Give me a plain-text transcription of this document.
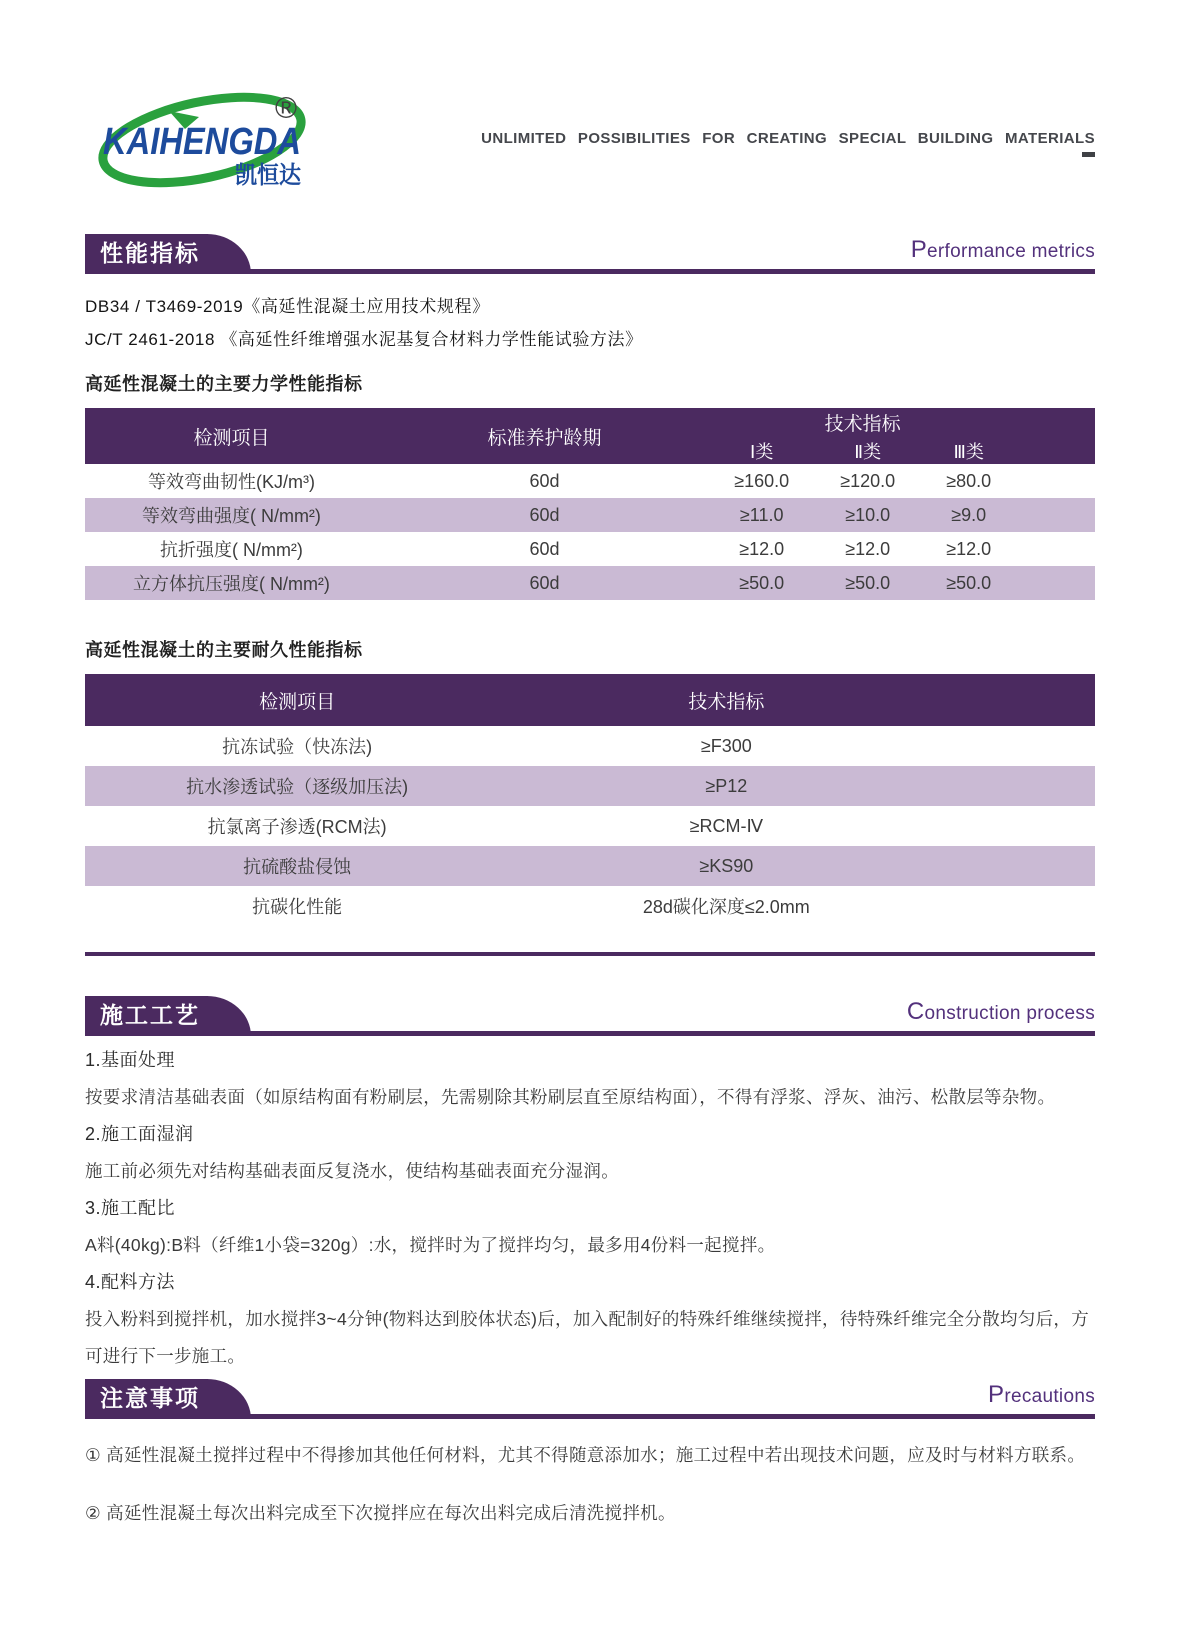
KAIHENGDA
凯恒达
®
UNLIMITED POSSIBILITIES FOR CREATING SPECIAL BUILDING MATERIALS
性能指标	Performance metrics
DB34 / T3469-2019《高延性混凝土应用技术规程》
JC/T 2461-2018 《高延性纤维增强水泥基复合材料力学性能试验方法》
高延性混凝土的主要力学性能指标
检测项目	标准养护龄期
技术指标
Ⅰ类	Ⅱ类	Ⅲ类
等效弯曲韧性(KJ/m³)	60d	≥160.0	≥120.0	≥80.0
等效弯曲强度( N/mm²)	60d	≥11.0	≥10.0	≥9.0
抗折强度( N/mm²)	60d	≥12.0	≥12.0	≥12.0
立方体抗压强度( N/mm²)	60d	≥50.0	≥50.0	≥50.0
高延性混凝土的主要耐久性能指标
检测项目	技术指标
抗冻试验（快冻法)	≥F300
抗水渗透试验（逐级加压法)	≥P12
抗氯离子渗透(RCM法)	≥RCM-Ⅳ
抗硫酸盐侵蚀	≥KS90
抗碳化性能	28d碳化深度≤2.0mm
施工工艺	Construction process
1.基面处理
按要求清洁基础表面（如原结构面有粉刷层，先需剔除其粉刷层直至原结构面），不得有浮浆、浮灰、油污、松散层等杂物。
2.施工面湿润
施工前必须先对结构基础表面反复浇水，使结构基础表面充分湿润。
3.施工配比
A料(40kg):B料（纤维1小袋=320g）:水，搅拌时为了搅拌均匀，最多用4份料一起搅拌。
4.配料方法
投入粉料到搅拌机，加水搅拌3~4分钟(物料达到胶体状态)后，加入配制好的特殊纤维继续搅拌，待特殊纤维完全分散均匀后，方可进行下一步施工。
注意事项	Precautions
① 高延性混凝土搅拌过程中不得掺加其他任何材料，尤其不得随意添加水；施工过程中若出现技术问题，应及时与材料方联系。
② 高延性混凝土每次出料完成至下次搅拌应在每次出料完成后清洗搅拌机。
